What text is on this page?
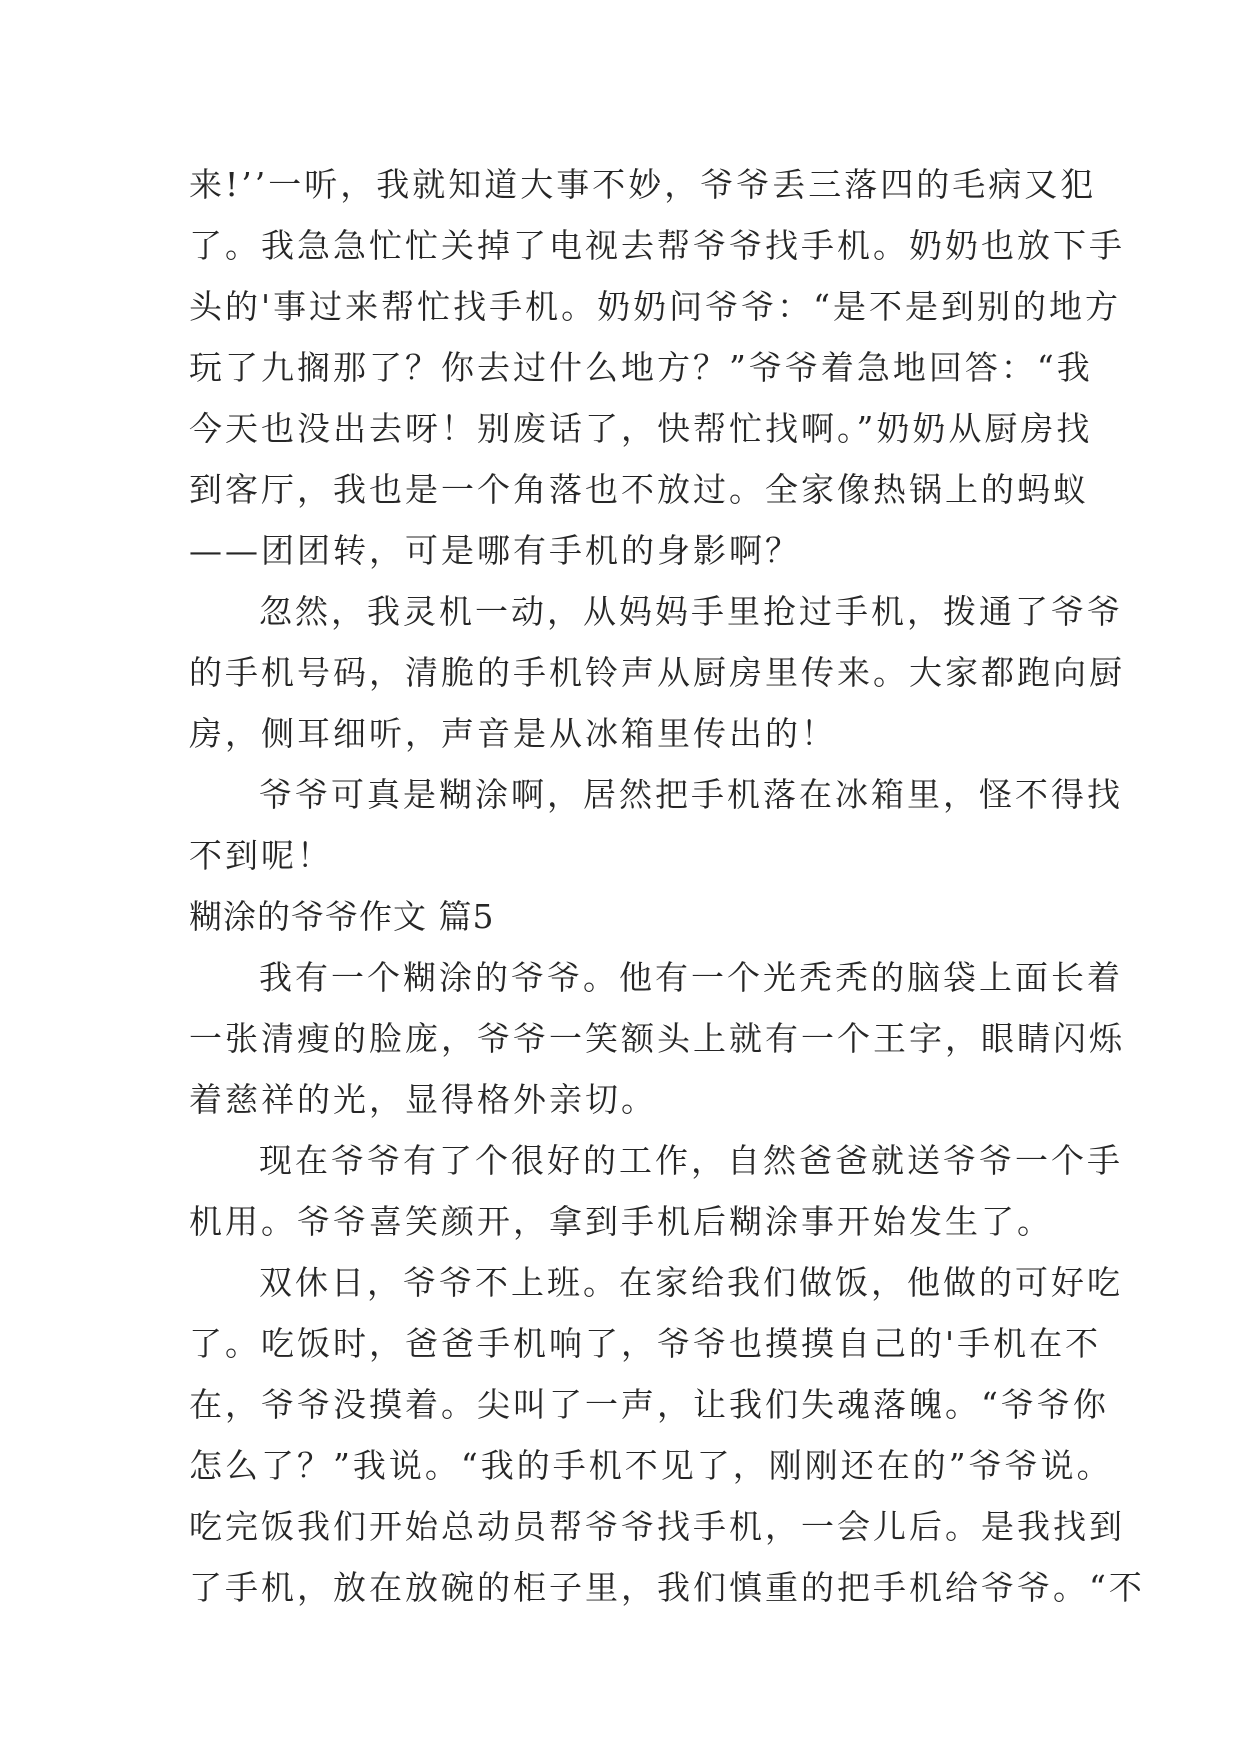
来!’’一听，我就知道大事不妙，爷爷丢三落四的毛病又犯
了。我急急忙忙关掉了电视去帮爷爷找手机。奶奶也放下手
头的'事过来帮忙找手机。奶奶问爷爷：“是不是到别的地方
玩了九搁那了？你去过什么地方？”爷爷着急地回答：“我
今天也没出去呀！别废话了，快帮忙找啊。”奶奶从厨房找
到客厅，我也是一个角落也不放过。全家像热锅上的蚂蚁
——团团转，可是哪有手机的身影啊？
忽然，我灵机一动，从妈妈手里抢过手机，拨通了爷爷
的手机号码，清脆的手机铃声从厨房里传来。大家都跑向厨
房，侧耳细听，声音是从冰箱里传出的！
爷爷可真是糊涂啊，居然把手机落在冰箱里，怪不得找
不到呢！
糊涂的爷爷作文 篇5
我有一个糊涂的爷爷。他有一个光秃秃的脑袋上面长着
一张清瘦的脸庞，爷爷一笑额头上就有一个王字，眼睛闪烁
着慈祥的光，显得格外亲切。
现在爷爷有了个很好的工作，自然爸爸就送爷爷一个手
机用。爷爷喜笑颜开，拿到手机后糊涂事开始发生了。
双休日，爷爷不上班。在家给我们做饭，他做的可好吃
了。吃饭时，爸爸手机响了，爷爷也摸摸自己的'手机在不
在，爷爷没摸着。尖叫了一声，让我们失魂落魄。“爷爷你
怎么了？”我说。“我的手机不见了，刚刚还在的”爷爷说。
吃完饭我们开始总动员帮爷爷找手机，一会儿后。是我找到
了手机，放在放碗的柜子里，我们慎重的把手机给爷爷。“不
